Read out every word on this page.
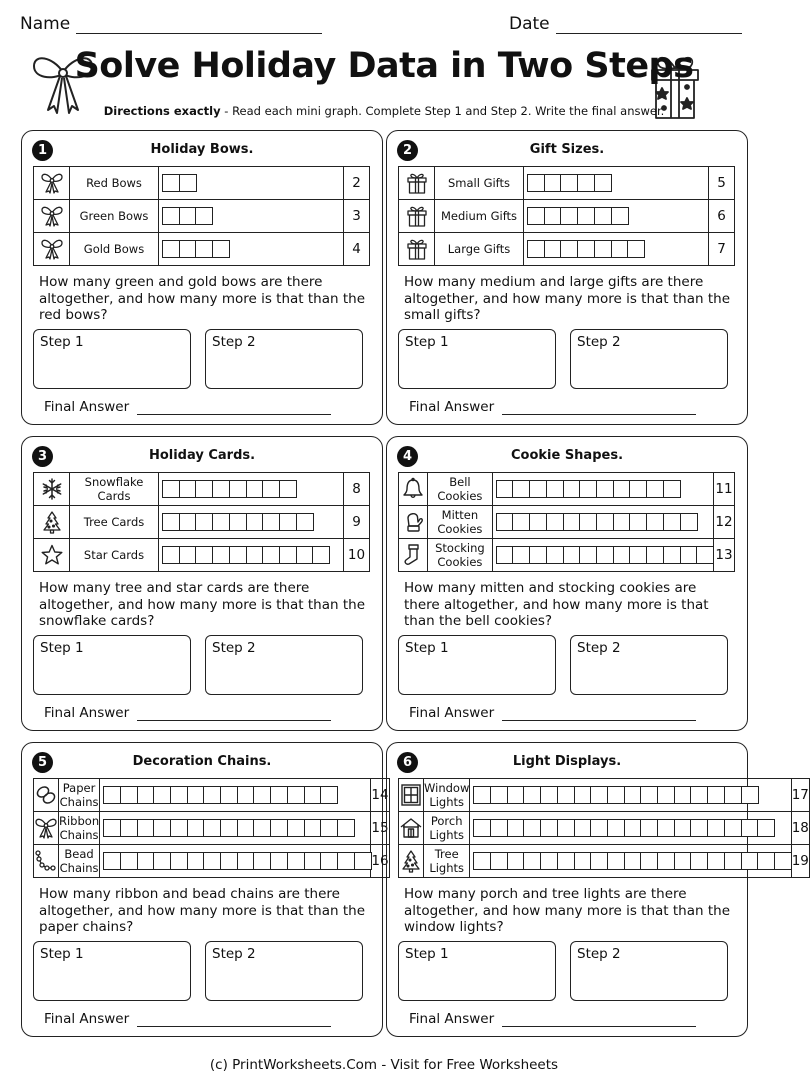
Name	Date
Solve Holiday Data in Two Steps
Directions exactly - Read each mini graph. Complete Step 1 and Step 2. Write the final answer.
1	Holiday Bows.
	Red Bows		2

	Green Bows		3

	Gold Bows		4
How many green and gold bows are there altogether, and how many more is that than the red bows?
Step 1	Step 2
Final Answer
2	Gift Sizes.
	Small Gifts		5

	Medium Gifts		6

	Large Gifts		7
How many medium and large gifts are there altogether, and how many more is that than the small gifts?
Step 1	Step 2
Final Answer
3	Holiday Cards.
	Snowflake Cards		8

	Tree Cards		9

	Star Cards		10
How many tree and star cards are there altogether, and how many more is that than the snowflake cards?
Step 1	Step 2
Final Answer
4	Cookie Shapes.
	Bell Cookies		11

	Mitten Cookies		12

	Stocking Cookies		13
How many mitten and stocking cookies are there altogether, and how many more is that than the bell cookies?
Step 1	Step 2
Final Answer
5	Decoration Chains.
	Paper Chains		14

	Ribbon Chains		15

	Bead Chains		16
How many ribbon and bead chains are there altogether, and how many more is that than the paper chains?
Step 1	Step 2
Final Answer
6	Light Displays.
	Window Lights		17

	Porch Lights		18

	Tree Lights		19
How many porch and tree lights are there altogether, and how many more is that than the window lights?
Step 1	Step 2
Final Answer
(c) PrintWorksheets.Com - Visit for Free Worksheets
